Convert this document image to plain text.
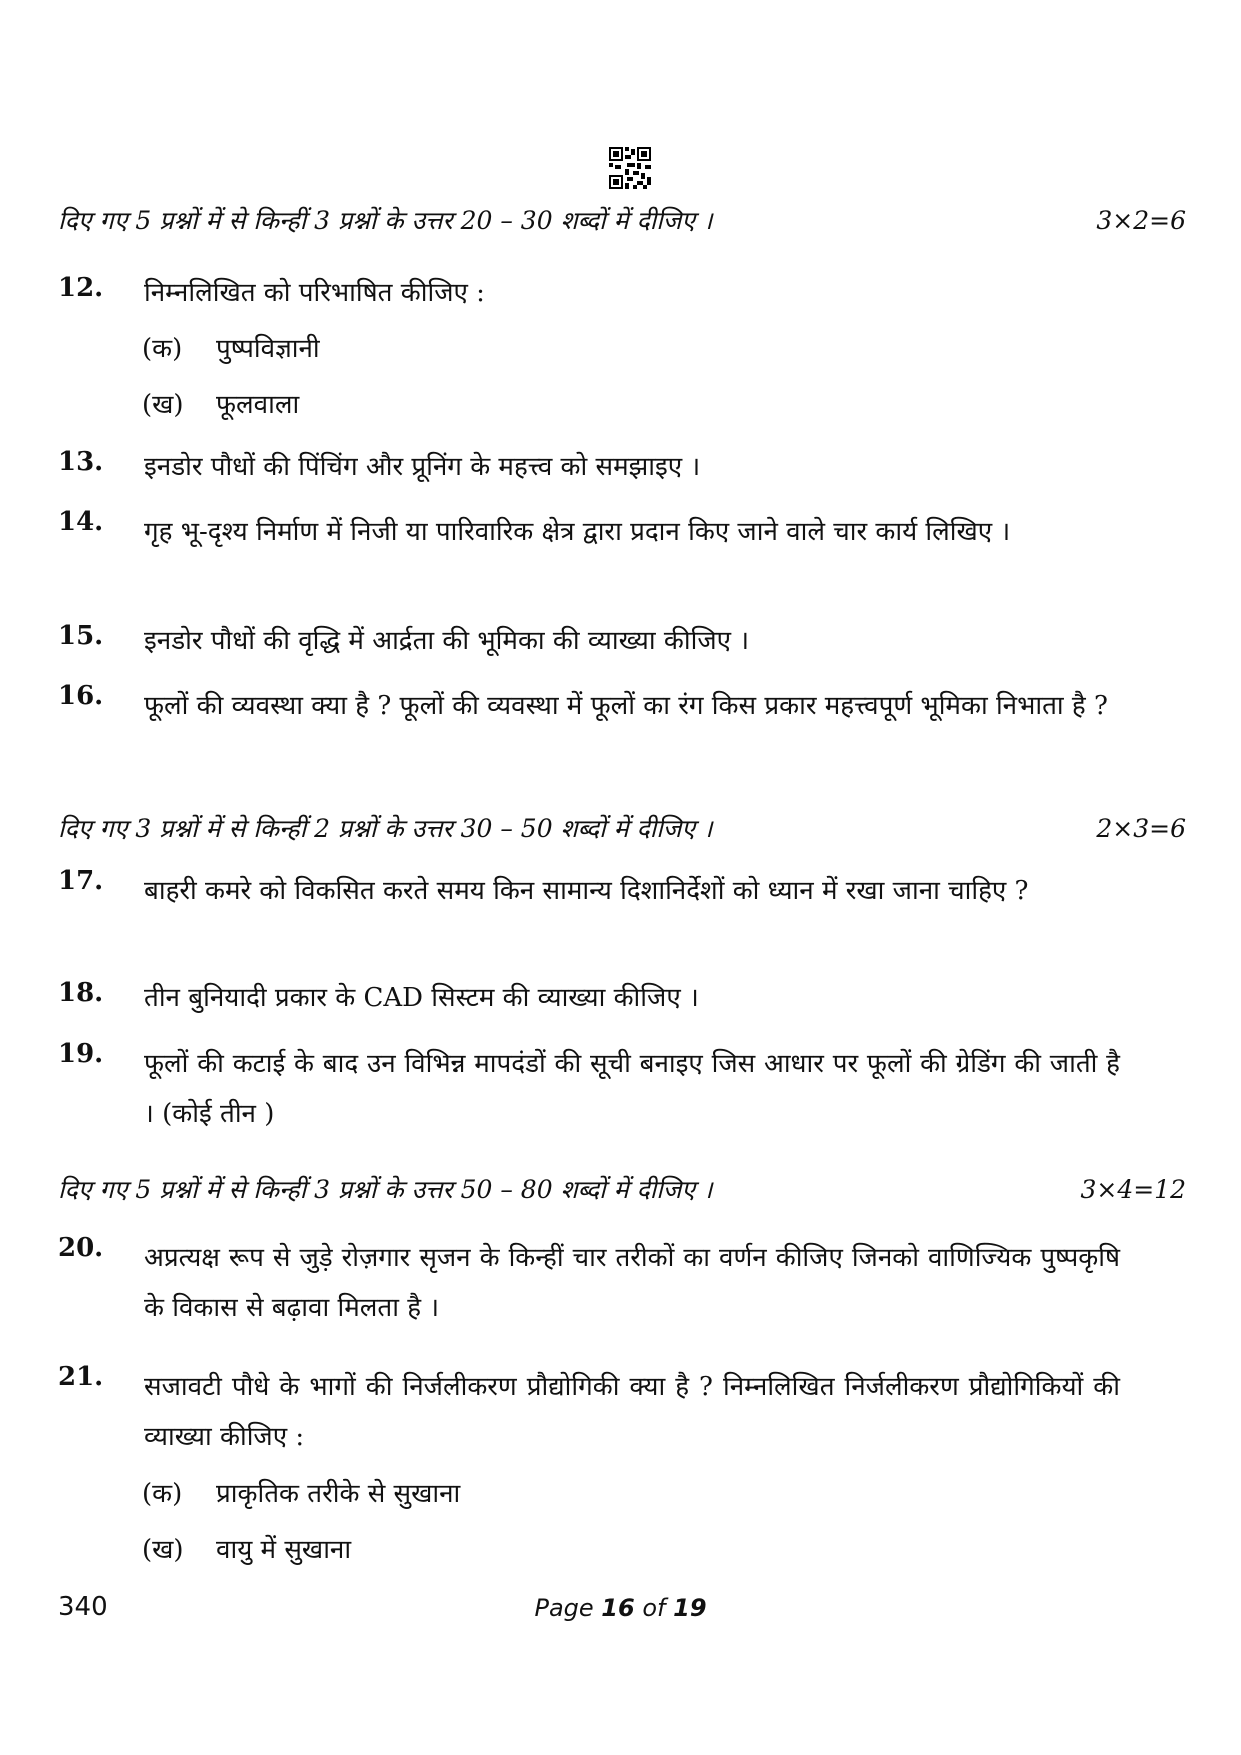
दिए गए 5 प्रश्नों में से किन्हीं 3 प्रश्नों के उत्तर 20 – 30 शब्दों में दीजिए ।	3×2=6
12. निम्नलिखित को परिभाषित कीजिए :
(क) पुष्पविज्ञानी
(ख) फूलवाला
13. इनडोर पौधों की पिंचिंग और प्रूनिंग के महत्त्व को समझाइए ।
14. गृह भू-दृश्य निर्माण में निजी या पारिवारिक क्षेत्र द्वारा प्रदान किए जाने वाले चार कार्य लिखिए ।
15. इनडोर पौधों की वृद्धि में आर्द्रता की भूमिका की व्याख्या कीजिए ।
16. फूलों की व्यवस्था क्या है ? फूलों की व्यवस्था में फूलों का रंग किस प्रकार महत्त्वपूर्ण भूमिका निभाता है ?
दिए गए 3 प्रश्नों में से किन्हीं 2 प्रश्नों के उत्तर 30 – 50 शब्दों में दीजिए ।	2×3=6
17. बाहरी कमरे को विकसित करते समय किन सामान्य दिशानिर्देशों को ध्यान में रखा जाना चाहिए ?
18. तीन बुनियादी प्रकार के CAD सिस्टम की व्याख्या कीजिए ।
19. फूलों की कटाई के बाद उन विभिन्न मापदंडों की सूची बनाइए जिस आधार पर फूलों की ग्रेडिंग की जाती है । (कोई तीन )
दिए गए 5 प्रश्नों में से किन्हीं 3 प्रश्नों के उत्तर 50 – 80 शब्दों में दीजिए ।	3×4=12
20. अप्रत्यक्ष रूप से जुड़े रोज़गार सृजन के किन्हीं चार तरीकों का वर्णन कीजिए जिनको वाणिज्यिक पुष्पकृषि के विकास से बढ़ावा मिलता है ।
21. सजावटी पौधे के भागों की निर्जलीकरण प्रौद्योगिकी क्या है ? निम्नलिखित निर्जलीकरण प्रौद्योगिकियों की व्याख्या कीजिए :
(क) प्राकृतिक तरीके से सुखाना
(ख) वायु में सुखाना
340	Page 16 of 19
